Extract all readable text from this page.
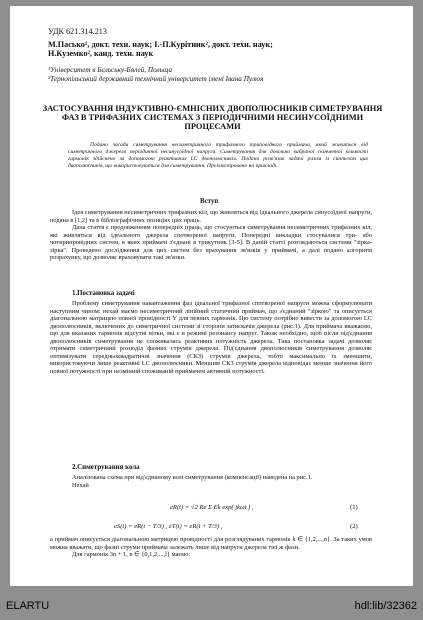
УДК 621.314.213
М.Пaсько¹, докт. техн. наук; І.-П.Курітник², докт. техн. наук;
Н.Куземко², канд. техн. наук
¹Університет в Бєльську-Бялей, Польща
²Тернопільський державний технічний університет імені Івана Пулюя
ЗАСТОСУВАННЯ ІНДУКТИВНО-ЄМНІСНИХ ДВОПОЛЮСНИКІВ СИМЕТРУВАННЯ ФАЗ В ТРИФАЗНИХ СИСТЕМАХ З ПЕРІОДИЧНИМИ НЕСИНУСОЇДНИМИ ПРОЦЕСАМИ

Подано засади симетрування несиметричного трифазного триповідного приймача, який живиться від симетричного джерела періодичної несинусоїдної напруги. Симетрування для довільно вибраної скінченної кількості гармонік здійснено за допомогою реактивних LC двополюсників. Подано розв'язок задачі разом із синтезом цих двополюсників, що використовуються для симетрування. Проілюстровано на прикладі.

Вступ

Ідея симетрування несиметричних трифазних кіл, що живляться від ідеального джерела синусоїдної напруги, подана в [1,2] та в бібліографічних позиціях цих праць.

Дана стаття є продовженням попередніх праць, що стосуються симетрування несиметричних трифазних кіл, які живляться від ідеального джерела спотвореної напруги. Попередні викладки стосувалися три- або чотирипровідних систем, в яких приймачі з'єднані в трикутник [3-5]. В даній статті розглядаються системи "зірка-зірка". Проведено дослідження для цих систем без врахування зв'язків у приймачі, а далі подано алгоритм розрахунку, що дозволяє враховувати такі зв'язки.

1.Постановка задачі

Проблему симетрування навантаження фаз ідеальної трифазної спотвореної напруги можна сформулювати наступним чином: нехай маємо несиметричний лінійний статичний приймач, що з'єднаний "зіркою" та описується діагональною матрицею повної провідності Y для певних гармонік. Цю систему потрібно вивести за допомогою LC двополюсників, включених до симетричної системи зі сторони затискачів джерела (рис.1). Для приймача вважаємо, що для вказаних гармонік відсутні вітки, які є в режимі резонансу напруг. Також необхідно, щоб після під'єднання двополюсників симетрування не споживалась реактивна потужність джерела. Така постановка задачі дозволяє отримати симетричний розподіл фазних струмів джерела. Під'єднання двополюсників симетрування дозволяє оптимізувати середньоквадратичні значення (СКЗ) струмів джерела, тобто максимально їх зменшити, використовуючи лише реактивні LC двополюсники. Меншим СКЗ струмів джерела відповідає менше значення його повної потужності при незмінній споживаній приймачем активній потужності.

2.Симетрування кола

Аналізована схема при від'єднаному колі симетрування (компенсації) наведена на рис.1.

Нехай

eR(t) = √2 Re Σ Ek exp( jkωt ) ,	(1)
eS(t) = eR(t − T/3) , eT(t) = eR(t + T/3) ,	(2)

а приймач описується діагональною матрицею провідності для розглядуваних гармонік k ∈ {1,2,...,n}. За таких умов можна вважати, що фазні струми приймача залежать лише від напруги джерела тієї ж фази.

Для гармонік 3n + 1, n ∈ {0,1,2,...,l} маємо:

ELARTU	hdl:lib/32362
